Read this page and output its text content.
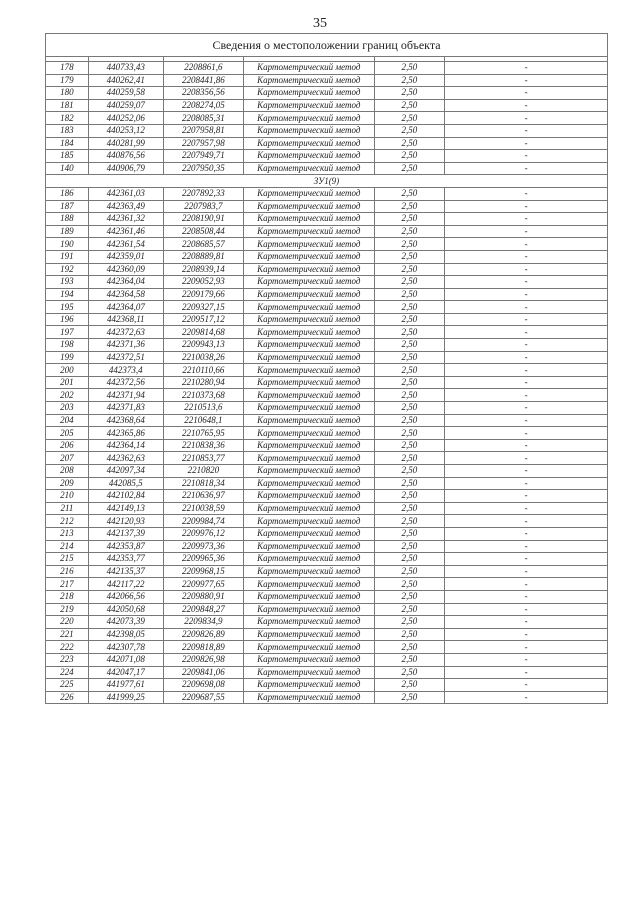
35
Сведения о местоположении границ объекта					

178	440733,43	2208861,6	Картометрический метод	2,50	-
179	440262,41	2208441,86	Картометрический метод	2,50	-
180	440259,58	2208356,56	Картометрический метод	2,50	-
181	440259,07	2208274,05	Картометрический метод	2,50	-
182	440252,06	2208085,31	Картометрический метод	2,50	-
183	440253,12	2207958,81	Картометрический метод	2,50	-
184	440281,99	2207957,98	Картометрический метод	2,50	-
185	440876,56	2207949,71	Картометрический метод	2,50	-
140	440906,79	2207950,35	Картометрический метод	2,50	-
ЗУ1(9)					
186	442361,03	2207892,33	Картометрический метод	2,50	-
187	442363,49	2207983,7	Картометрический метод	2,50	-
188	442361,32	2208190,91	Картометрический метод	2,50	-
189	442361,46	2208508,44	Картометрический метод	2,50	-
190	442361,54	2208685,57	Картометрический метод	2,50	-
191	442359,01	2208889,81	Картометрический метод	2,50	-
192	442360,09	2208939,14	Картометрический метод	2,50	-
193	442364,04	2209052,93	Картометрический метод	2,50	-
194	442364,58	2209179,66	Картометрический метод	2,50	-
195	442364,07	2209327,15	Картометрический метод	2,50	-
196	442368,11	2209517,12	Картометрический метод	2,50	-
197	442372,63	2209814,68	Картометрический метод	2,50	-
198	442371,36	2209943,13	Картометрический метод	2,50	-
199	442372,51	2210038,26	Картометрический метод	2,50	-
200	442373,4	2210110,66	Картометрический метод	2,50	-
201	442372,56	2210280,94	Картометрический метод	2,50	-
202	442371,94	2210373,68	Картометрический метод	2,50	-
203	442371,83	2210513,6	Картометрический метод	2,50	-
204	442368,64	2210648,1	Картометрический метод	2,50	-
205	442365,86	2210765,95	Картометрический метод	2,50	-
206	442364,14	2210838,36	Картометрический метод	2,50	-
207	442362,63	2210853,77	Картометрический метод	2,50	-
208	442097,34	2210820	Картометрический метод	2,50	-
209	442085,5	2210818,34	Картометрический метод	2,50	-
210	442102,84	2210636,97	Картометрический метод	2,50	-
211	442149,13	2210038,59	Картометрический метод	2,50	-
212	442120,93	2209984,74	Картометрический метод	2,50	-
213	442137,39	2209976,12	Картометрический метод	2,50	-
214	442353,87	2209973,36	Картометрический метод	2,50	-
215	442353,77	2209965,36	Картометрический метод	2,50	-
216	442135,37	2209968,15	Картометрический метод	2,50	-
217	442117,22	2209977,65	Картометрический метод	2,50	-
218	442066,56	2209880,91	Картометрический метод	2,50	-
219	442050,68	2209848,27	Картометрический метод	2,50	-
220	442073,39	2209834,9	Картометрический метод	2,50	-
221	442398,05	2209826,89	Картометрический метод	2,50	-
222	442307,78	2209818,89	Картометрический метод	2,50	-
223	442071,08	2209826,98	Картометрический метод	2,50	-
224	442047,17	2209841,06	Картометрический метод	2,50	-
225	441977,61	2209698,08	Картометрический метод	2,50	-
226	441999,25	2209687,55	Картометрический метод	2,50	-
